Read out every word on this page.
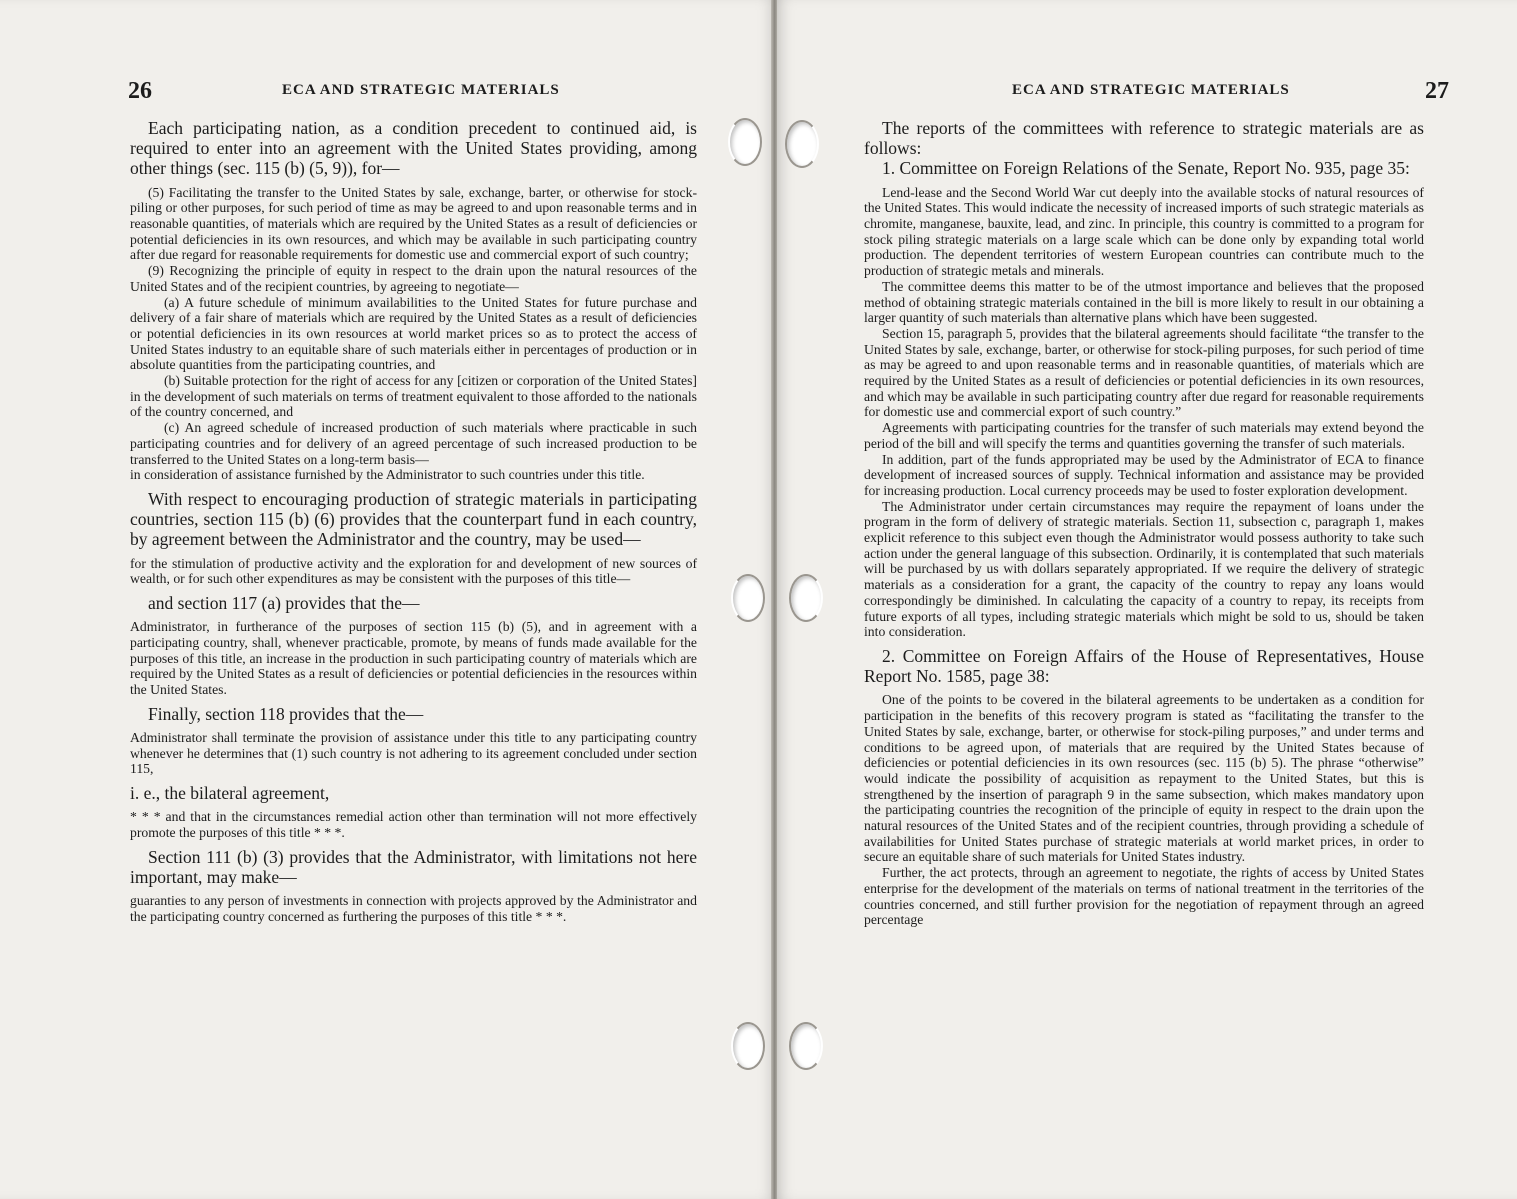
26	ECA AND STRATEGIC MATERIALS

Each participating nation, as a condition precedent to continued aid, is required to enter into an agreement with the United States providing, among other things (sec. 115 (b) (5, 9)), for—

(5) Facilitating the transfer to the United States by sale, exchange, barter, or otherwise for stock-piling or other purposes, for such period of time as may be agreed to and upon reasonable terms and in reasonable quantities, of materials which are required by the United States as a result of deficiencies or potential deficiencies in its own resources, and which may be available in such participating country after due regard for reasonable requirements for domestic use and commercial export of such country;

(9) Recognizing the principle of equity in respect to the drain upon the natural resources of the United States and of the recipient countries, by agreeing to negotiate—

(a) A future schedule of minimum availabilities to the United States for future purchase and delivery of a fair share of materials which are required by the United States as a result of deficiencies or potential deficiencies in its own resources at world market prices so as to protect the access of United States industry to an equitable share of such materials either in percentages of production or in absolute quantities from the participating countries, and

(b) Suitable protection for the right of access for any [citizen or corporation of the United States] in the development of such materials on terms of treatment equivalent to those afforded to the nationals of the country concerned, and

(c) An agreed schedule of increased production of such materials where practicable in such participating countries and for delivery of an agreed percentage of such increased production to be transferred to the United States on a long-term basis—

in consideration of assistance furnished by the Administrator to such countries under this title.

With respect to encouraging production of strategic materials in participating countries, section 115 (b) (6) provides that the counterpart fund in each country, by agreement between the Administrator and the country, may be used—

for the stimulation of productive activity and the exploration for and development of new sources of wealth, or for such other expenditures as may be consistent with the purposes of this title—

and section 117 (a) provides that the—

Administrator, in furtherance of the purposes of section 115 (b) (5), and in agreement with a participating country, shall, whenever practicable, promote, by means of funds made available for the purposes of this title, an increase in the production in such participating country of materials which are required by the United States as a result of deficiencies or potential deficiencies in the resources within the United States.

Finally, section 118 provides that the—

Administrator shall terminate the provision of assistance under this title to any participating country whenever he determines that (1) such country is not adhering to its agreement concluded under section 115,

i. e., the bilateral agreement,

* * * and that in the circumstances remedial action other than termination will not more effectively promote the purposes of this title * * *.

Section 111 (b) (3) provides that the Administrator, with limitations not here important, may make—

guaranties to any person of investments in connection with projects approved by the Administrator and the participating country concerned as furthering the purposes of this title * * *.

ECA AND STRATEGIC MATERIALS	27

The reports of the committees with reference to strategic materials are as follows:

1. Committee on Foreign Relations of the Senate, Report No. 935, page 35:

Lend-lease and the Second World War cut deeply into the available stocks of natural resources of the United States. This would indicate the necessity of increased imports of such strategic materials as chromite, manganese, bauxite, lead, and zinc. In principle, this country is committed to a program for stock piling strategic materials on a large scale which can be done only by expanding total world production. The dependent territories of western European countries can contribute much to the production of strategic metals and minerals.

The committee deems this matter to be of the utmost importance and believes that the proposed method of obtaining strategic materials contained in the bill is more likely to result in our obtaining a larger quantity of such materials than alternative plans which have been suggested.

Section 15, paragraph 5, provides that the bilateral agreements should facilitate “the transfer to the United States by sale, exchange, barter, or otherwise for stock-piling purposes, for such period of time as may be agreed to and upon reasonable terms and in reasonable quantities, of materials which are required by the United States as a result of deficiencies or potential deficiencies in its own resources, and which may be available in such participating country after due regard for reasonable requirements for domestic use and commercial export of such country.”

Agreements with participating countries for the transfer of such materials may extend beyond the period of the bill and will specify the terms and quantities governing the transfer of such materials.

In addition, part of the funds appropriated may be used by the Administrator of ECA to finance development of increased sources of supply. Technical information and assistance may be provided for increasing production. Local currency proceeds may be used to foster exploration development.

The Administrator under certain circumstances may require the repayment of loans under the program in the form of delivery of strategic materials. Section 11, subsection c, paragraph 1, makes explicit reference to this subject even though the Administrator would possess authority to take such action under the general language of this subsection. Ordinarily, it is contemplated that such materials will be purchased by us with dollars separately appropriated. If we require the delivery of strategic materials as a consideration for a grant, the capacity of the country to repay any loans would correspondingly be diminished. In calculating the capacity of a country to repay, its receipts from future exports of all types, including strategic materials which might be sold to us, should be taken into consideration.

2. Committee on Foreign Affairs of the House of Representatives, House Report No. 1585, page 38:

One of the points to be covered in the bilateral agreements to be undertaken as a condition for participation in the benefits of this recovery program is stated as “facilitating the transfer to the United States by sale, exchange, barter, or otherwise for stock-piling purposes,” and under terms and conditions to be agreed upon, of materials that are required by the United States because of deficiencies or potential deficiencies in its own resources (sec. 115 (b) 5). The phrase “otherwise” would indicate the possibility of acquisition as repayment to the United States, but this is strengthened by the insertion of paragraph 9 in the same subsection, which makes mandatory upon the participating countries the recognition of the principle of equity in respect to the drain upon the natural resources of the United States and of the recipient countries, through providing a schedule of availabilities for United States purchase of strategic materials at world market prices, in order to secure an equitable share of such materials for United States industry.

Further, the act protects, through an agreement to negotiate, the rights of access by United States enterprise for the development of the materials on terms of national treatment in the territories of the countries concerned, and still further provision for the negotiation of repayment through an agreed percentage
